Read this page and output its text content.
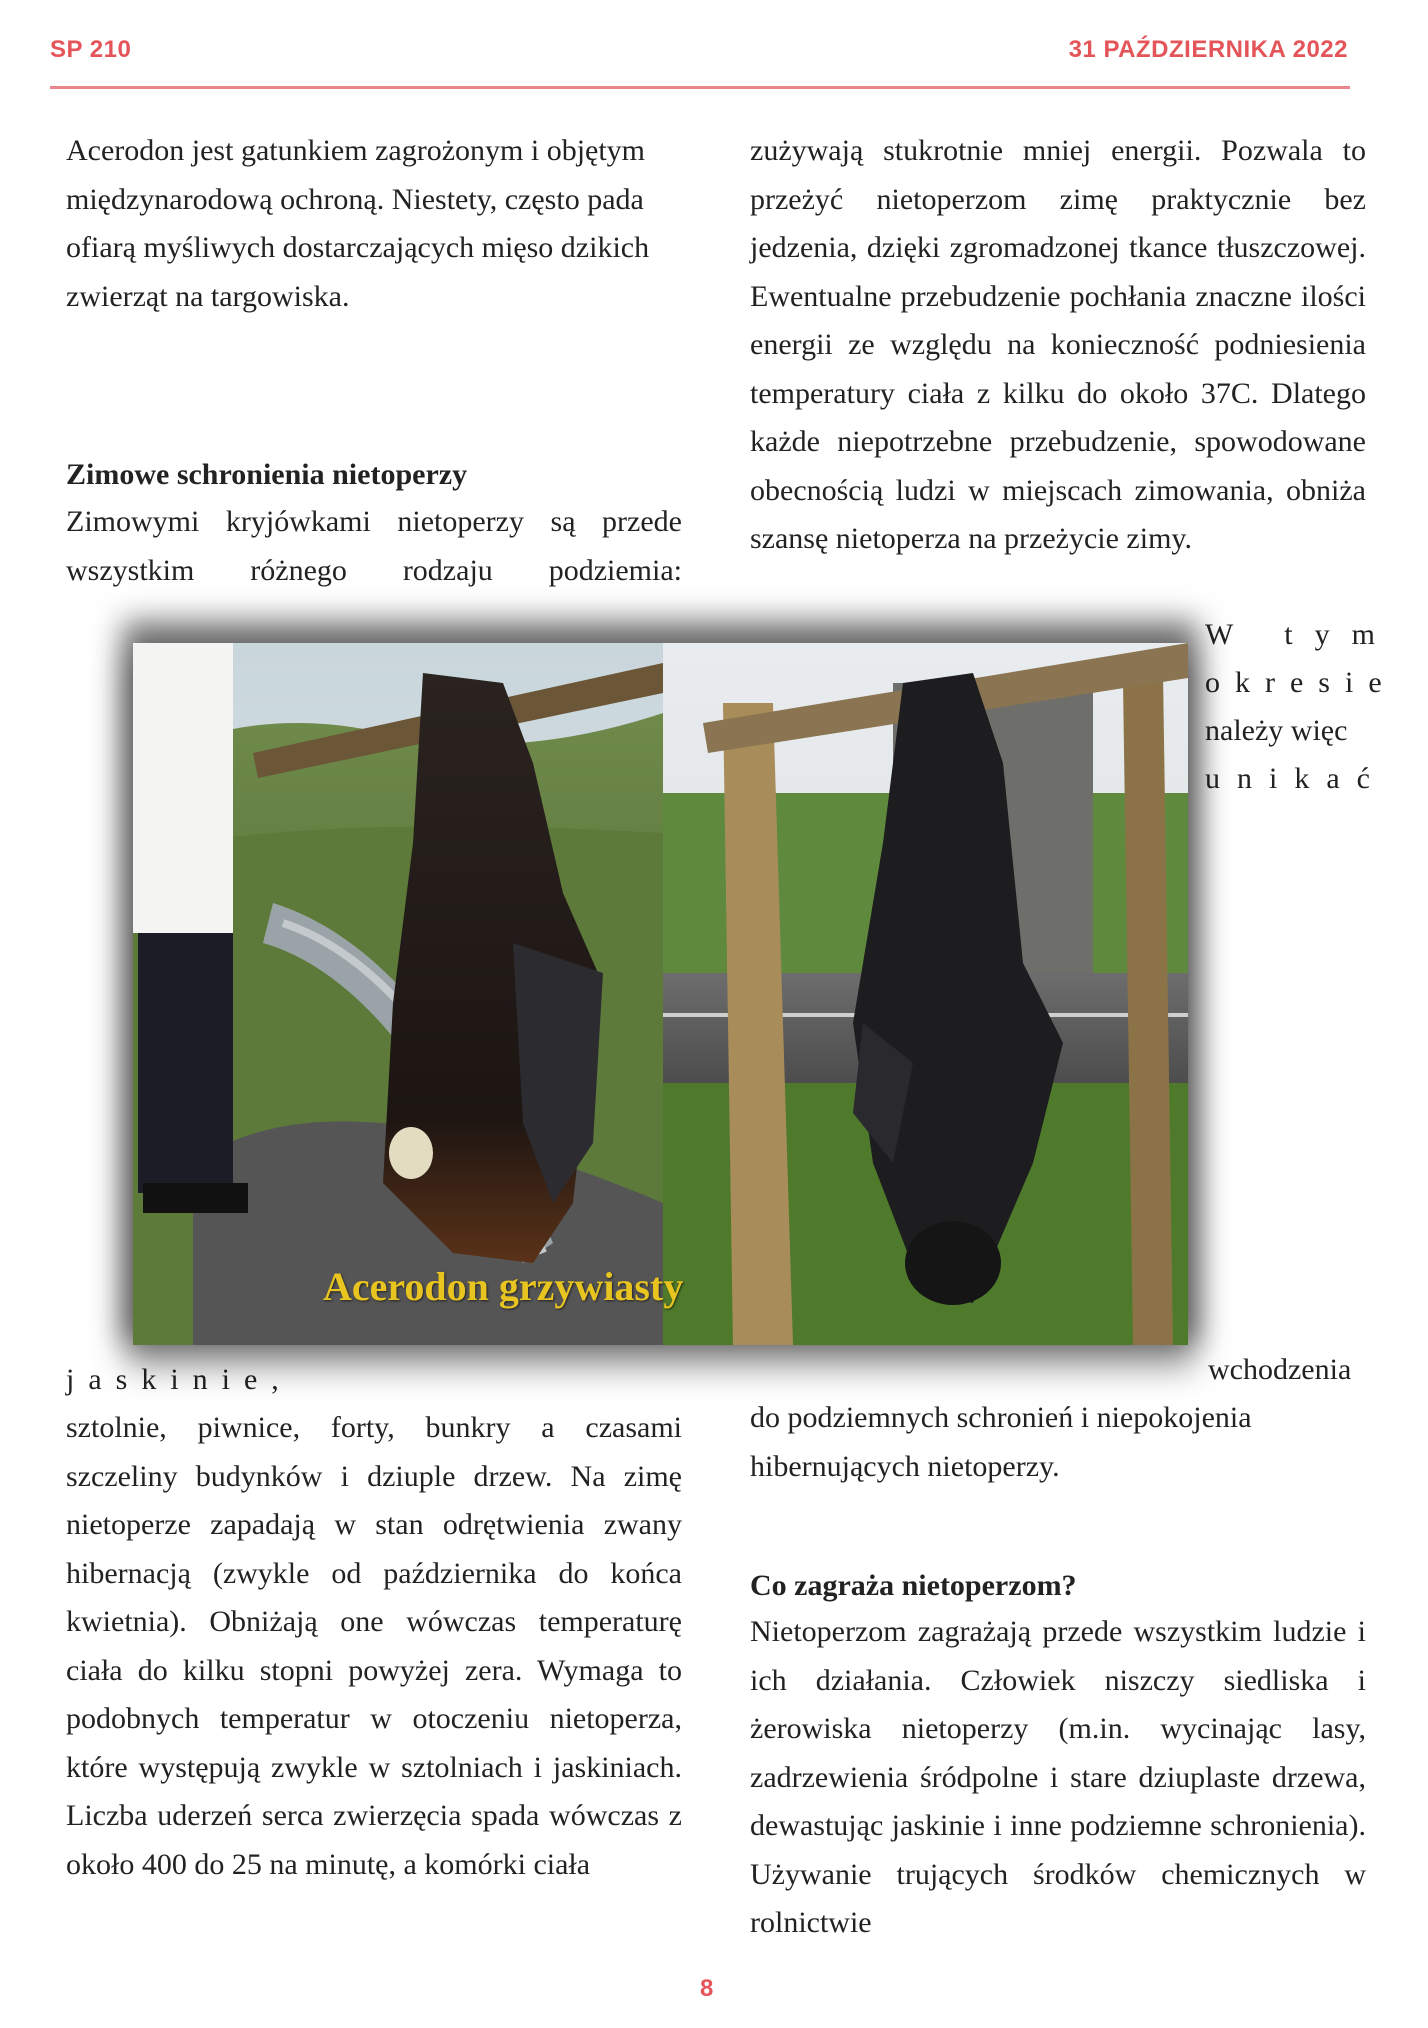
SP 210	31 PAŹDZIERNIKA 2022

Acerodon jest gatunkiem zagrożonym i objętym międzynarodową ochroną. Niestety, często pada ofiarą myśliwych dostarczających mięso dzikich zwierząt na targowiska.

Zimowe schronienia nietoperzy

Zimowymi kryjówkami nietoperzy są przede wszystkim różnego rodzaju podziemia:

jaskinie,

sztolnie, piwnice, forty, bunkry a czasami szczeliny budynków i dziuple drzew. Na zimę nietoperze zapadają w stan odrętwienia zwany hibernacją (zwykle od października do końca kwietnia). Obniżają one wówczas temperaturę ciała do kilku stopni powyżej zera. Wymaga to podobnych temperatur w otoczeniu nietoperza, które występują zwykle w sztolniach i jaskiniach. Liczba uderzeń serca zwierzęcia spada wówczas z około 400 do 25 na minutę, a komórki ciała

zużywają stukrotnie mniej energii. Pozwala to przeżyć nietoperzom zimę praktycznie bez jedzenia, dzięki zgromadzonej tkance tłuszczowej. Ewentualne przebudzenie pochłania znaczne ilości energii ze względu na konieczność podniesienia temperatury ciała z kilku do około 37C. Dlatego każde niepotrzebne przebudzenie, spowodowane obecnością ludzi w miejscach zimowania, obniża szansę nietoperza na przeżycie zimy.

W tym

okresie

należy więc

unikać

wchodzenia

do podziemnych schronień i niepokojenia hibernujących nietoperzy.

Co zagraża nietoperzom?

Nietoperzom zagrażają przede wszystkim ludzie i ich działania. Człowiek niszczy siedliska i żerowiska nietoperzy (m.in. wycinając lasy, zadrzewienia śródpolne i stare dziuplaste drzewa, dewastując jaskinie i inne podziemne schronienia). Używanie trujących środków chemicznych w rolnictwie

Acerodon grzywiasty
8
